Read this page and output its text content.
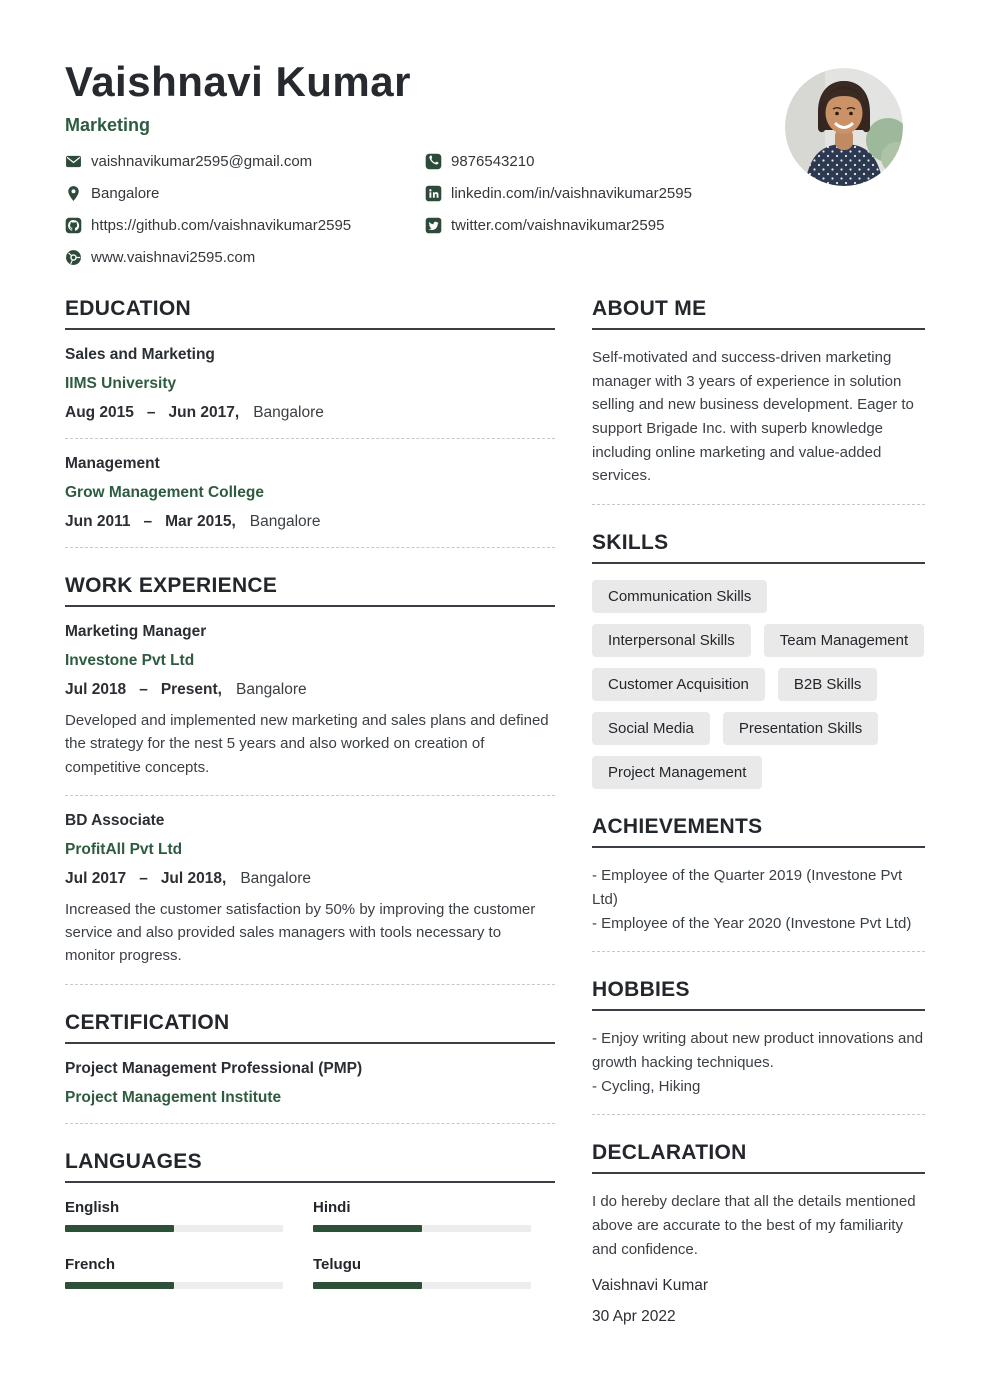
Vaishnavi Kumar
Marketing
vaishnavikumar2595@gmail.com
Bangalore
https://github.com/vaishnavikumar2595
www.vaishnavi2595.com
9876543210
linkedin.com/in/vaishnavikumar2595
twitter.com/vaishnavikumar2595
EDUCATION
Sales and Marketing
IIMS University
Aug 2015 – Jun 2017, Bangalore
Management
Grow Management College
Jun 2011 – Mar 2015, Bangalore
WORK EXPERIENCE
Marketing Manager
Investone Pvt Ltd
Jul 2018 – Present, Bangalore
Developed and implemented new marketing and sales plans and defined the strategy for the nest 5 years and also worked on creation of competitive concepts.
BD Associate
ProfitAll Pvt Ltd
Jul 2017 – Jul 2018, Bangalore
Increased the customer satisfaction by 50% by improving the customer service and also provided sales managers with tools necessary to monitor progress.
CERTIFICATION
Project Management Professional (PMP)
Project Management Institute
LANGUAGES
English	Hindi
French	Telugu
ABOUT ME
Self-motivated and success-driven marketing manager with 3 years of experience in solution selling and new business development. Eager to support Brigade Inc. with superb knowledge including online marketing and value-added services.
SKILLS
Communication Skills
Interpersonal Skills	Team Management
Customer Acquisition	B2B Skills
Social Media	Presentation Skills
Project Management
ACHIEVEMENTS
- Employee of the Quarter 2019 (Investone Pvt Ltd)
- Employee of the Year 2020 (Investone Pvt Ltd)
HOBBIES
- Enjoy writing about new product innovations and growth hacking techniques.
- Cycling, Hiking
DECLARATION
I do hereby declare that all the details mentioned above are accurate to the best of my familiarity and confidence.
Vaishnavi Kumar
30 Apr 2022
